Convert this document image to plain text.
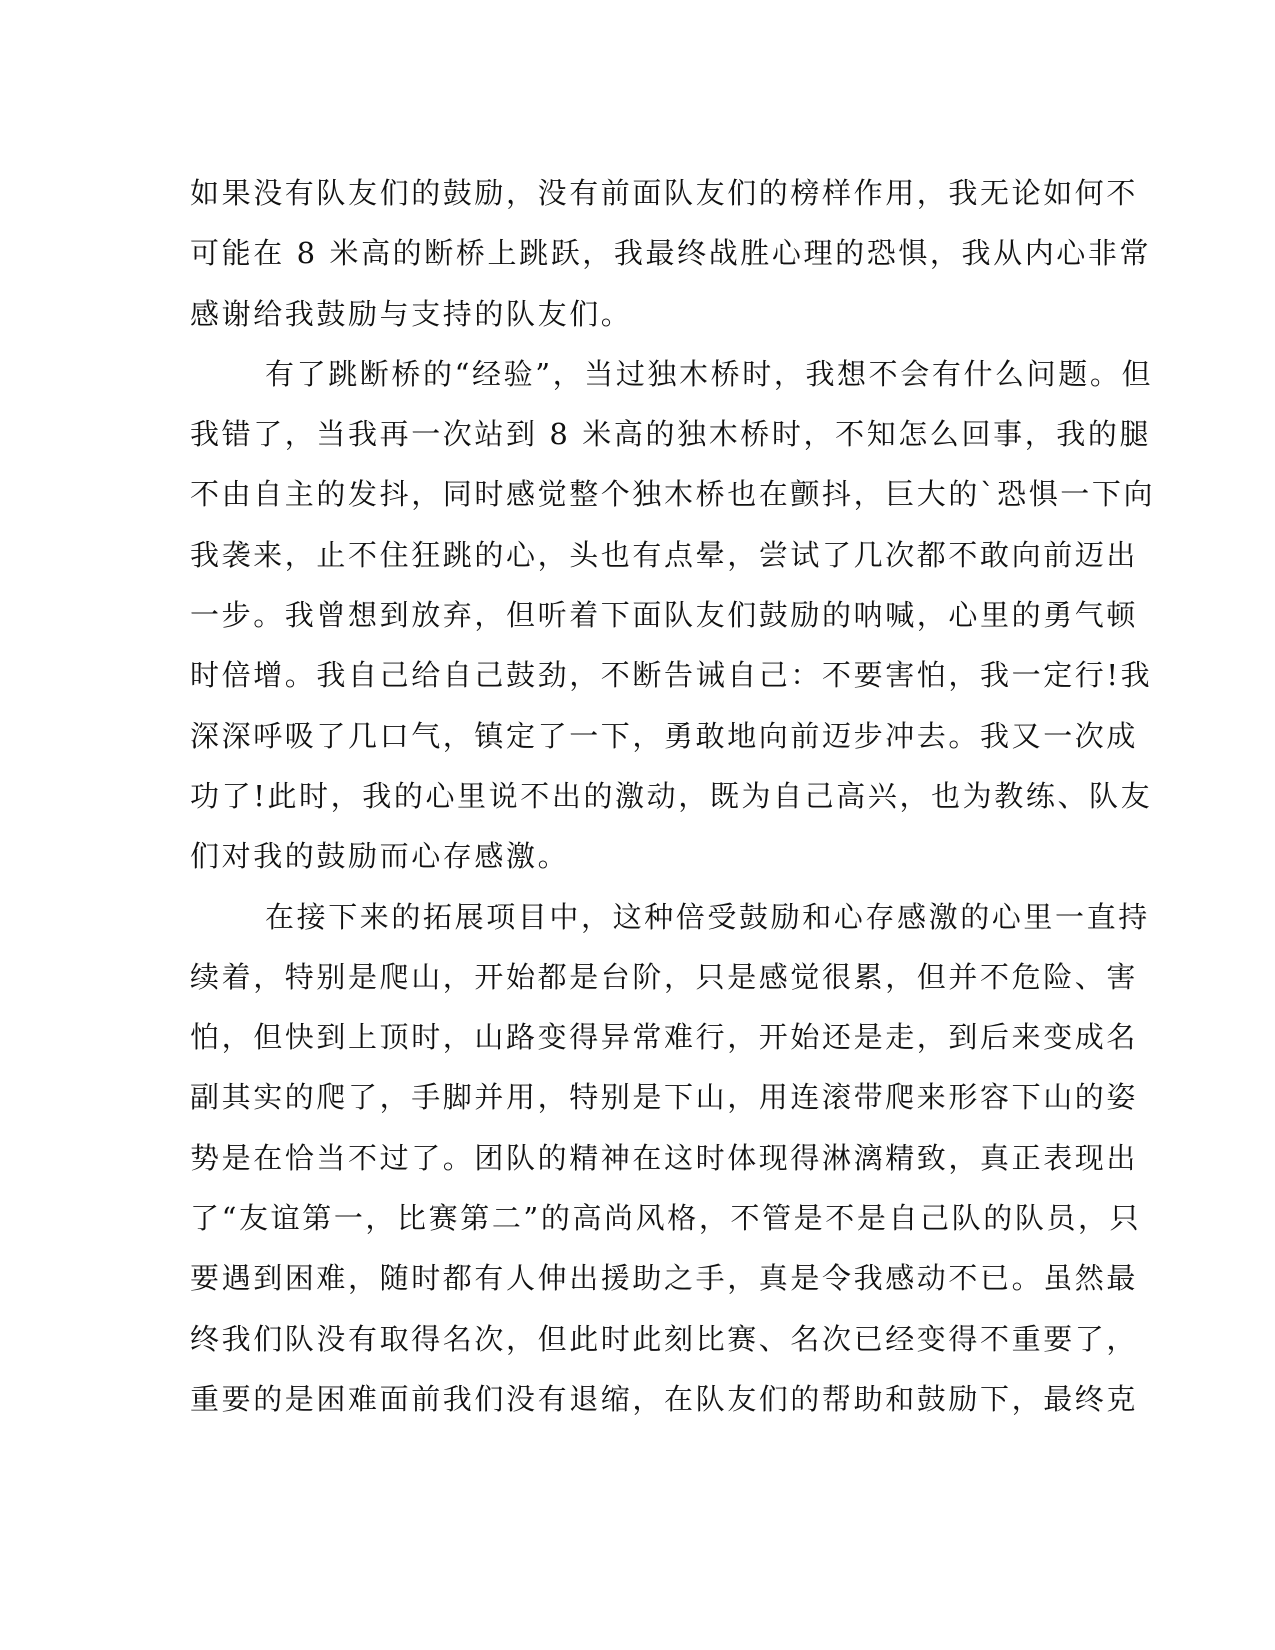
如果没有队友们的鼓励，没有前面队友们的榜样作用，我无论如何不
可能在 8 米高的断桥上跳跃，我最终战胜心理的恐惧，我从内心非常
感谢给我鼓励与支持的队友们。
有了跳断桥的“经验”，当过独木桥时，我想不会有什么问题。但
我错了，当我再一次站到 8 米高的独木桥时，不知怎么回事，我的腿
不由自主的发抖，同时感觉整个独木桥也在颤抖，巨大的`恐惧一下向
我袭来，止不住狂跳的心，头也有点晕，尝试了几次都不敢向前迈出
一步。我曾想到放弃，但听着下面队友们鼓励的呐喊，心里的勇气顿
时倍增。我自己给自己鼓劲，不断告诫自己：不要害怕，我一定行!我
深深呼吸了几口气，镇定了一下，勇敢地向前迈步冲去。我又一次成
功了!此时，我的心里说不出的激动，既为自己高兴，也为教练、队友
们对我的鼓励而心存感激。
在接下来的拓展项目中，这种倍受鼓励和心存感激的心里一直持
续着，特别是爬山，开始都是台阶，只是感觉很累，但并不危险、害
怕，但快到上顶时，山路变得异常难行，开始还是走，到后来变成名
副其实的爬了，手脚并用，特别是下山，用连滚带爬来形容下山的姿
势是在恰当不过了。团队的精神在这时体现得淋漓精致，真正表现出
了“友谊第一，比赛第二”的高尚风格，不管是不是自己队的队员，只
要遇到困难，随时都有人伸出援助之手，真是令我感动不已。虽然最
终我们队没有取得名次，但此时此刻比赛、名次已经变得不重要了，
重要的是困难面前我们没有退缩，在队友们的帮助和鼓励下，最终克
